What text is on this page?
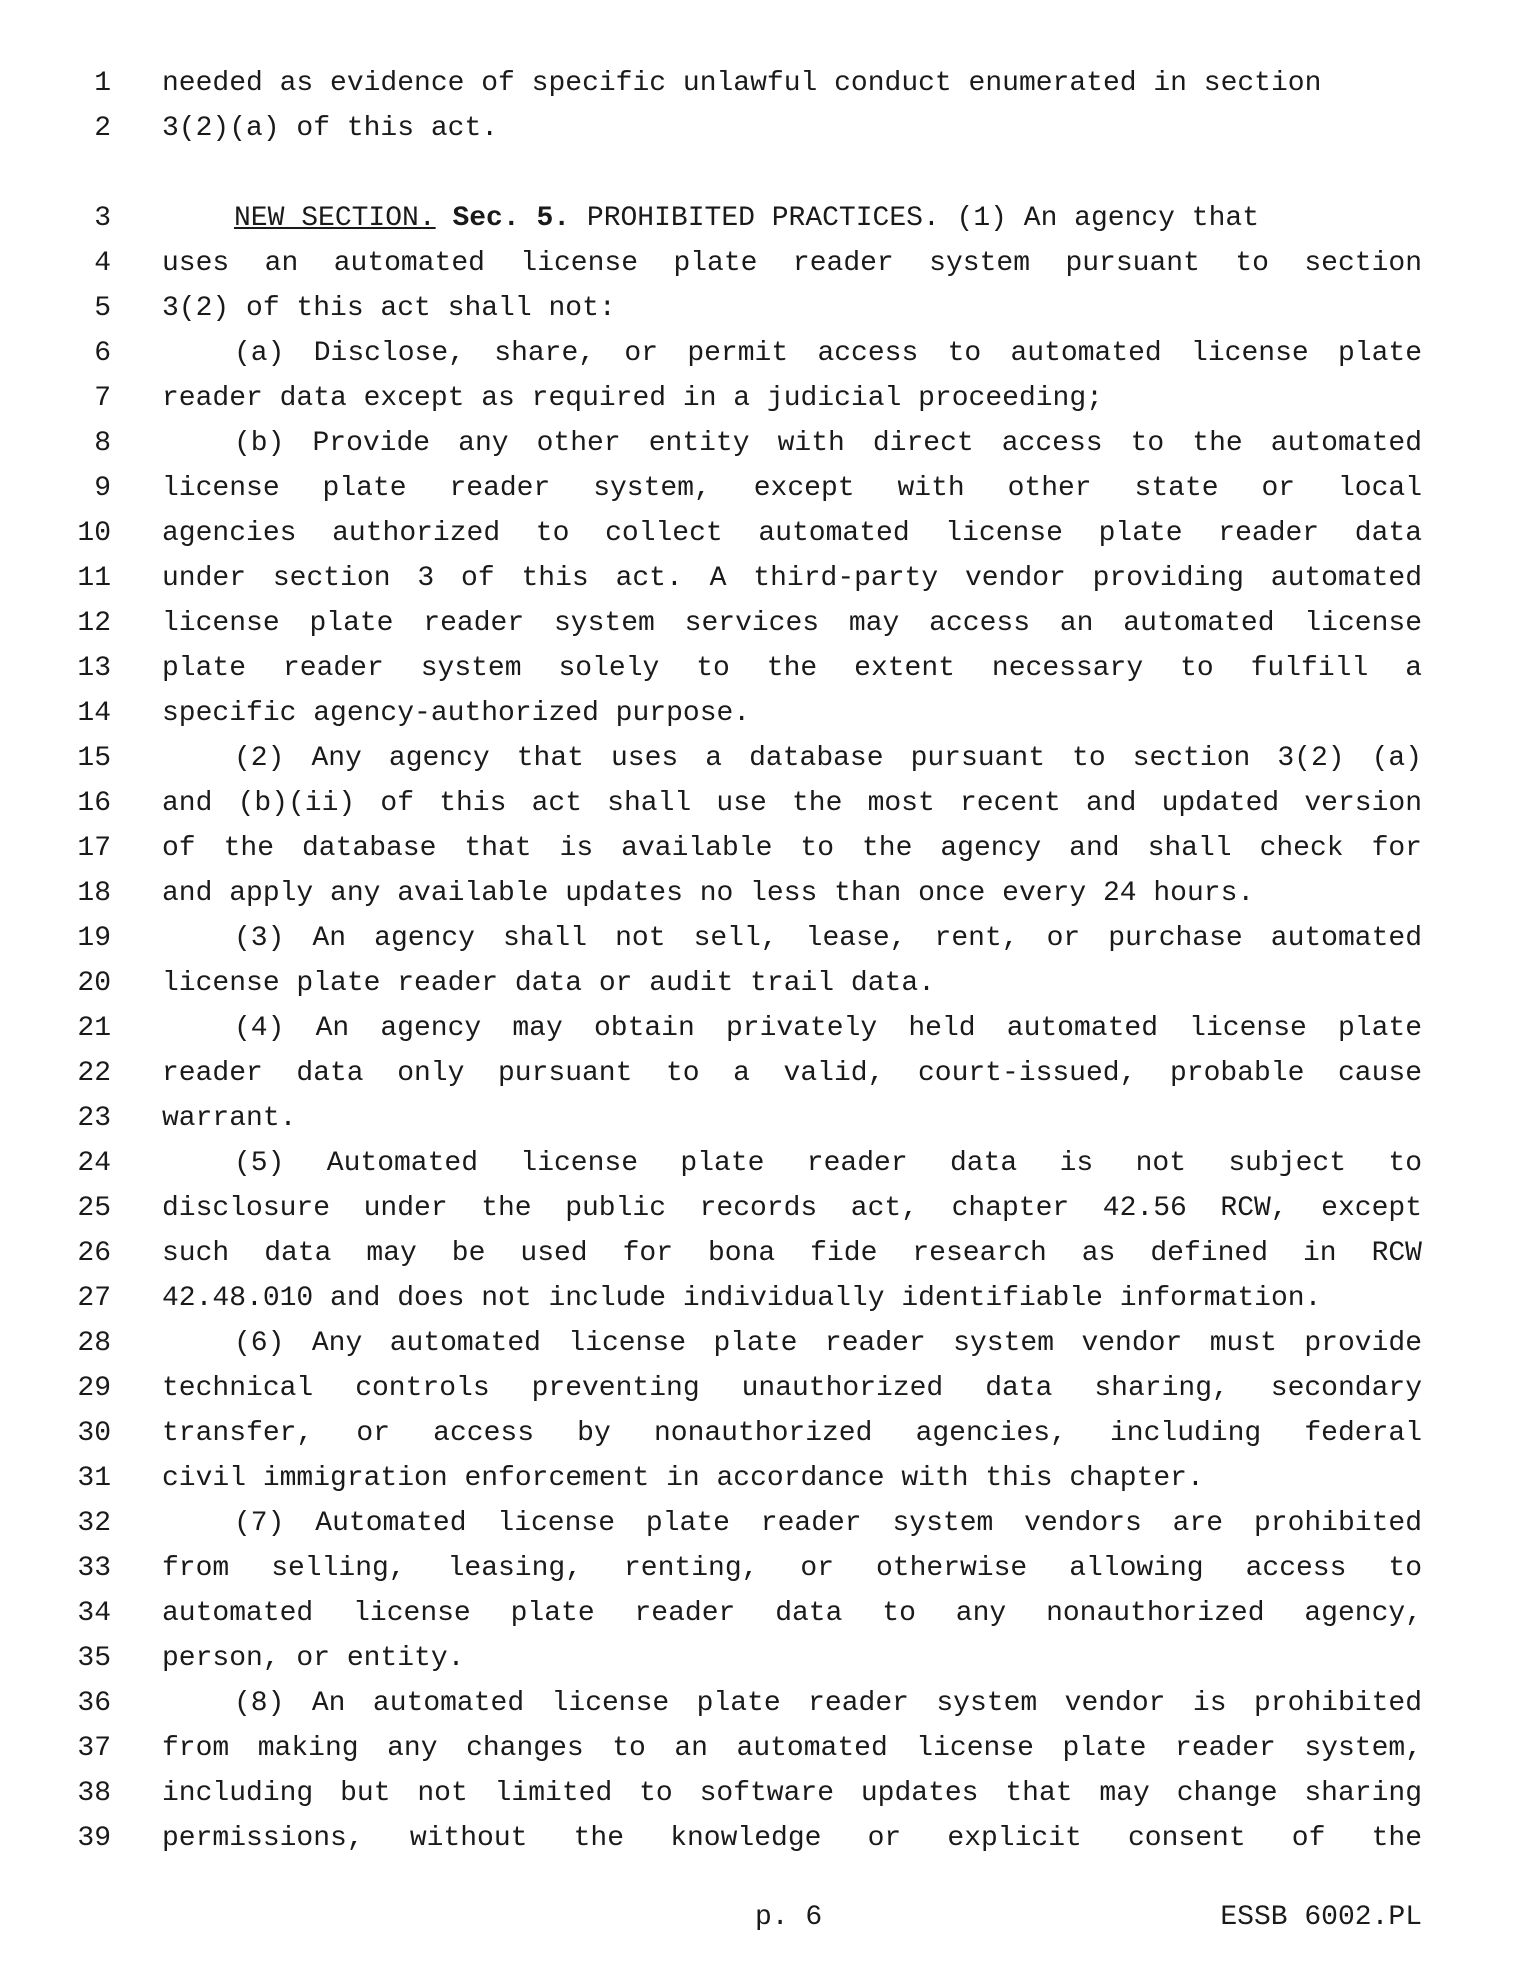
1 needed as evidence of specific unlawful conduct enumerated in section
2 3(2)(a) of this act.
3	NEW SECTION. Sec. 5. PROHIBITED PRACTICES. (1) An agency that
4 uses an automated license plate reader system pursuant to section
5 3(2) of this act shall not:
6	(a) Disclose, share, or permit access to automated license plate
7 reader data except as required in a judicial proceeding;
8	(b) Provide any other entity with direct access to the automated
9 license plate reader system, except with other state or local
10 agencies authorized to collect automated license plate reader data
11 under section 3 of this act. A third-party vendor providing automated
12 license plate reader system services may access an automated license
13 plate reader system solely to the extent necessary to fulfill a
14 specific agency-authorized purpose.
15	(2) Any agency that uses a database pursuant to section 3(2) (a)
16 and (b)(ii) of this act shall use the most recent and updated version
17 of the database that is available to the agency and shall check for
18 and apply any available updates no less than once every 24 hours.
19	(3) An agency shall not sell, lease, rent, or purchase automated
20 license plate reader data or audit trail data.
21	(4) An agency may obtain privately held automated license plate
22 reader data only pursuant to a valid, court-issued, probable cause
23 warrant.
24	(5) Automated license plate reader data is not subject to
25 disclosure under the public records act, chapter 42.56 RCW, except
26 such data may be used for bona fide research as defined in RCW
27 42.48.010 and does not include individually identifiable information.
28	(6) Any automated license plate reader system vendor must provide
29 technical controls preventing unauthorized data sharing, secondary
30 transfer, or access by nonauthorized agencies, including federal
31 civil immigration enforcement in accordance with this chapter.
32	(7) Automated license plate reader system vendors are prohibited
33 from selling, leasing, renting, or otherwise allowing access to
34 automated license plate reader data to any nonauthorized agency,
35 person, or entity.
36	(8) An automated license plate reader system vendor is prohibited
37 from making any changes to an automated license plate reader system,
38 including but not limited to software updates that may change sharing
39 permissions, without the knowledge or explicit consent of the
p. 6	ESSB 6002.PL
